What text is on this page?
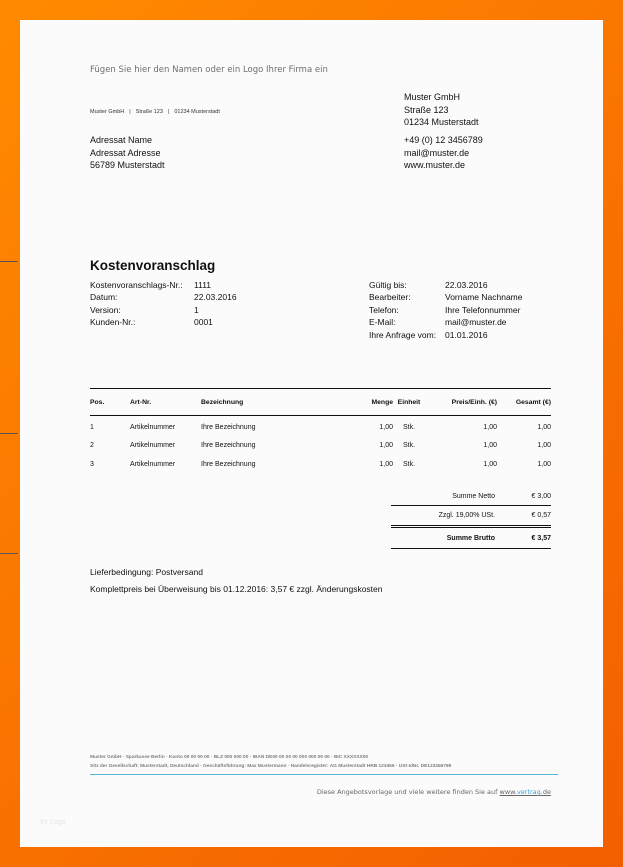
Fügen Sie hier den Namen oder ein Logo Ihrer Firma ein
Muster GmbH | Straße 123 | 01234 Musterstadt
Muster GmbH
Straße 123
01234 Musterstadt
+49 (0) 12 3456789
mail@muster.de
www.muster.de
Adressat Name
Adressat Adresse
56789 Musterstadt
Kostenvoranschlag
Kostenvoranschlags-Nr.:	1111
Datum:	22.03.2016
Version:	1
Kunden-Nr.:	0001
Gültig bis:	22.03.2016
Bearbeiter:	Vorname Nachname
Telefon:	Ihre Telefonnummer
E-Mail:	mail@muster.de
Ihre Anfrage vom:	01.01.2016
Pos.	Art-Nr.	Bezeichnung	Menge Einheit	Preis/Einh. (€)	Gesamt (€)
1	Artikelnummer	Ihre Bezeichnung	1,00	Stk.	1,00	1,00
2	Artikelnummer	Ihre Bezeichnung	1,00	Stk.	1,00	1,00
3	Artikelnummer	Ihre Bezeichnung	1,00	Stk.	1,00	1,00
Summe Netto	€ 3,00
Zzgl. 19,00% USt.	€ 0,57
Summe Brutto	€ 3,57
Lieferbedingung: Postversand
Komplettpreis bei Überweisung bis 01.12.2016: 3,57 € zzgl. Änderungskosten
Muster GmbH · Sparkasse Berlin · Konto 00 00 00 00 · BLZ 000 000 00 · IBAN DE00 00 00 00 000 000 00 00 · BIC XXXXXX00
Sitz der Gesellschaft: Musterstadt, Deutschland · Geschäftsführung: Max Mustermann · Handelsregister: AG Musterstadt HRB 123456 · USt-IdNr. DE123456789
Diese Angebotsvorlage und viele weitere finden Sie auf www.vertrag.de
Ihr Logo
